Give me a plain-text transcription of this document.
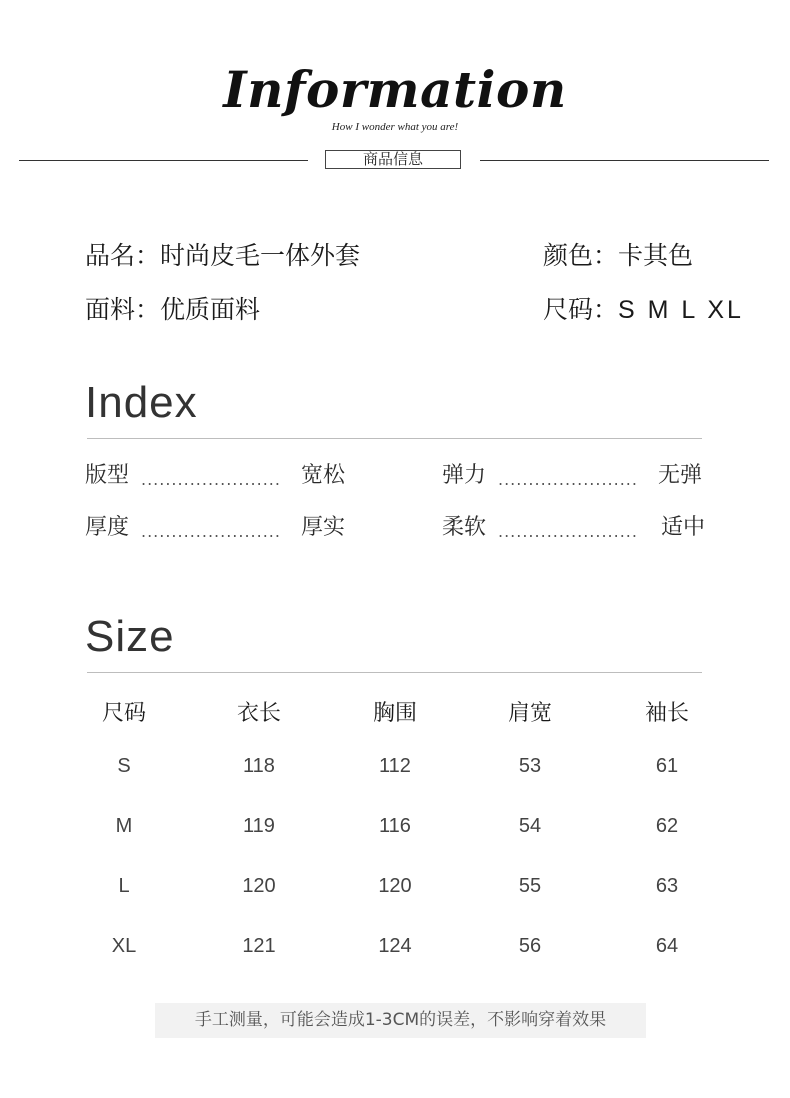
Information
How I wonder what you are!
商品信息
品名：时尚皮毛一体外套	颜色：卡其色
面料：优质面料	尺码：S M L XL
Index
版型 ....................... 宽松	弹力 ....................... 无弹
厚度 ....................... 厚实	柔软 ....................... 适中
Size
尺码	衣长	胸围	肩宽	袖长
S	118	112	53	61
M	119	116	54	62
L	120	120	55	63
XL	121	124	56	64
手工测量，可能会造成1-3CM的误差，不影响穿着效果
